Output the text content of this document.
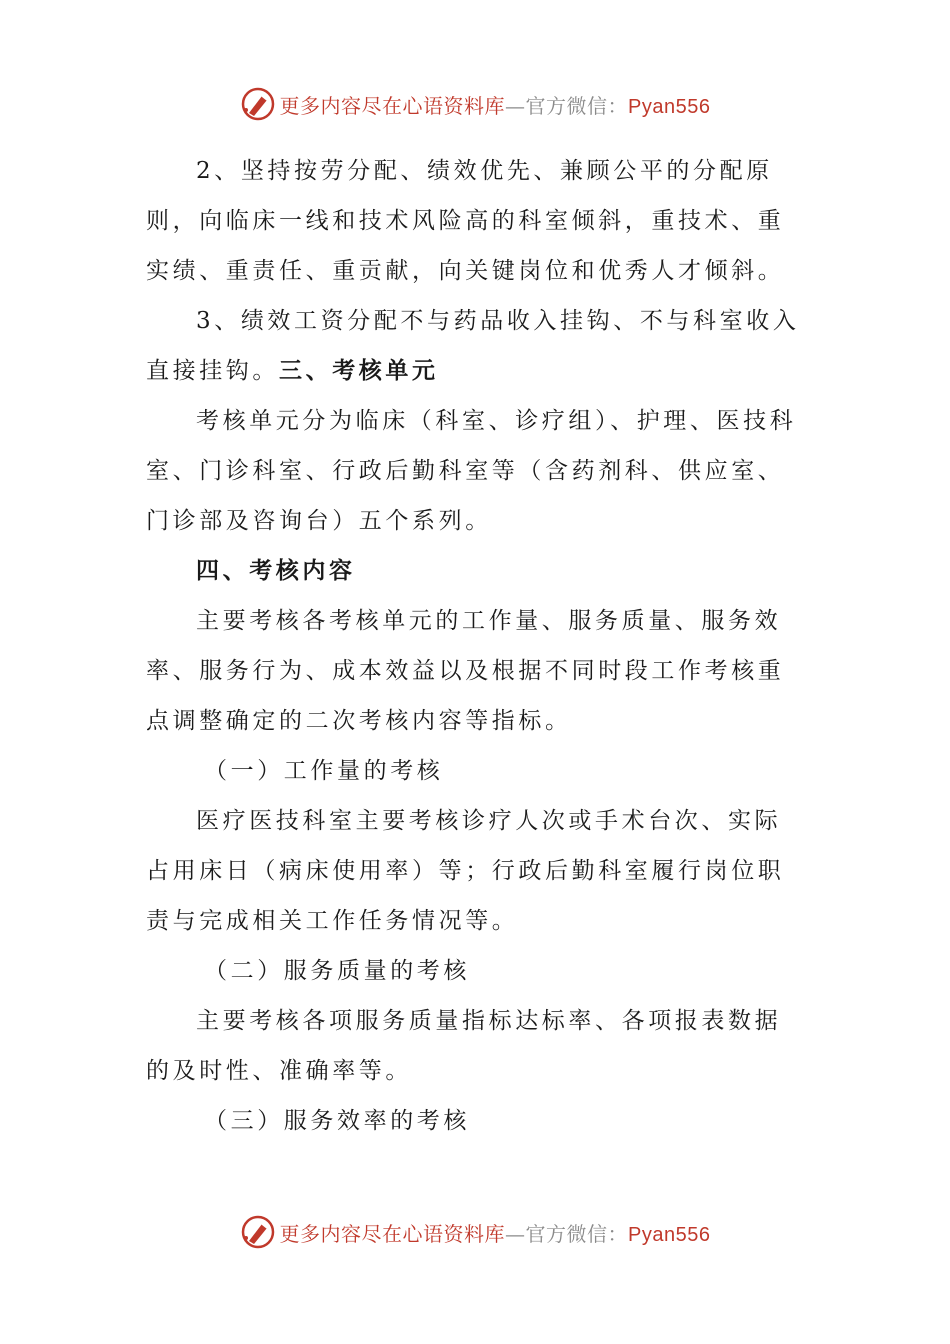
更多内容尽在心语资料库—官方微信：Pyan556

2、坚持按劳分配、绩效优先、兼顾公平的分配原则，向临床一线和技术风险高的科室倾斜，重技术、重实绩、重责任、重贡献，向关键岗位和优秀人才倾斜。

3、绩效工资分配不与药品收入挂钩、不与科室收入直接挂钩。三、考核单元

考核单元分为临床（科室、诊疗组）、护理、医技科室、门诊科室、行政后勤科室等（含药剂科、供应室、门诊部及咨询台）五个系列。

四、考核内容

主要考核各考核单元的工作量、服务质量、服务效率、服务行为、成本效益以及根据不同时段工作考核重点调整确定的二次考核内容等指标。

（一）工作量的考核

医疗医技科室主要考核诊疗人次或手术台次、实际占用床日（病床使用率）等；行政后勤科室履行岗位职责与完成相关工作任务情况等。

（二）服务质量的考核

主要考核各项服务质量指标达标率、各项报表数据的及时性、准确率等。

（三）服务效率的考核

更多内容尽在心语资料库—官方微信：Pyan556
